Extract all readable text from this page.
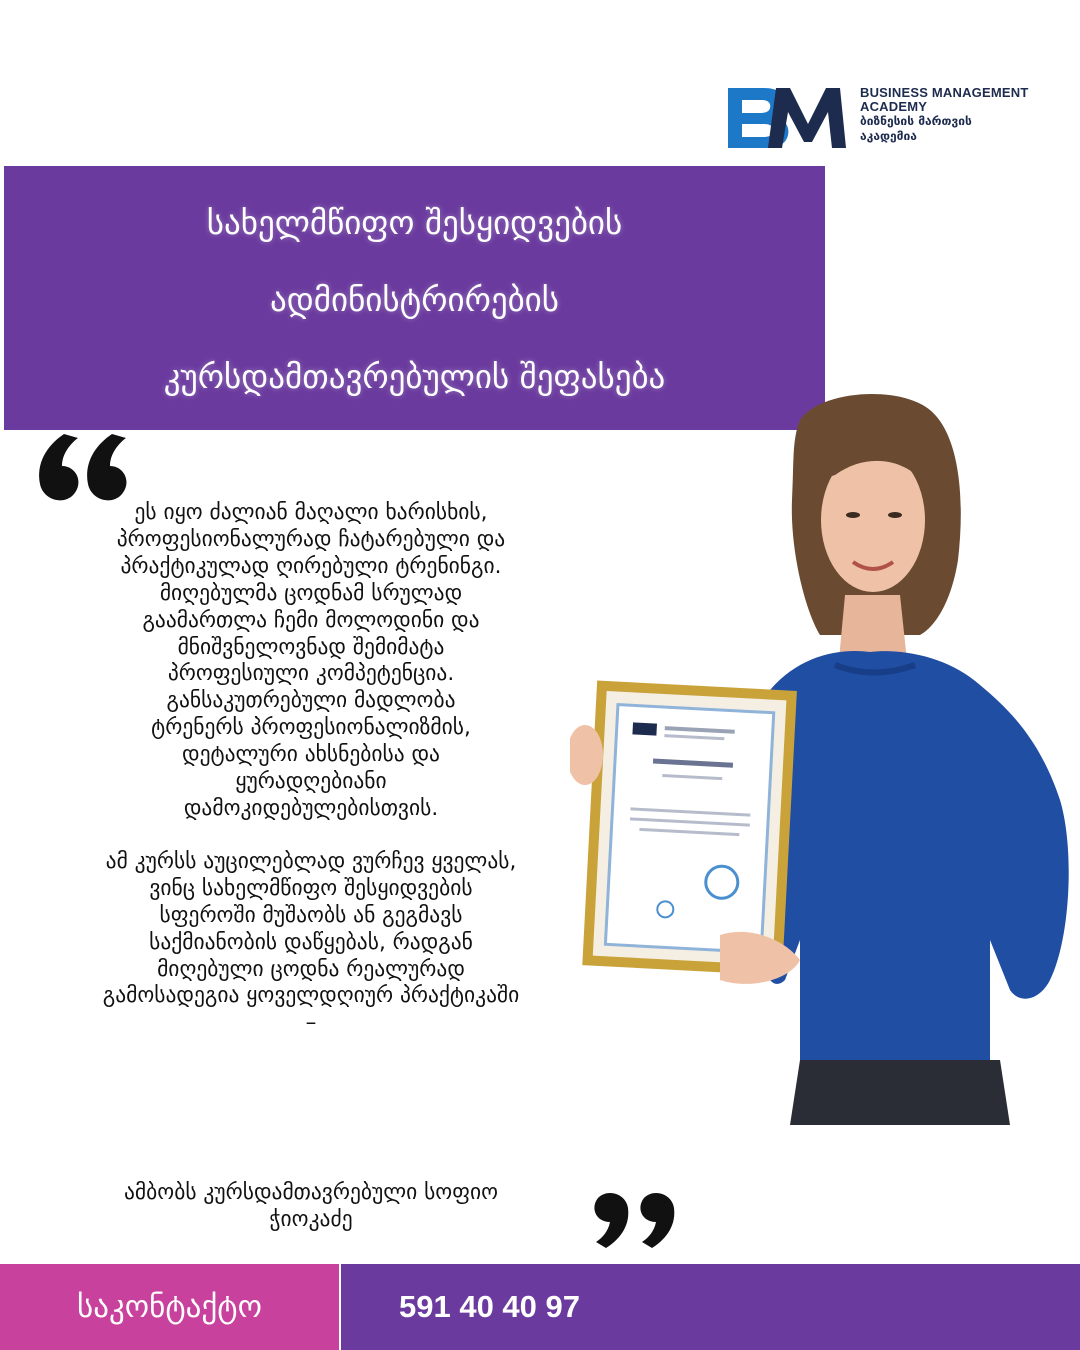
BUSINESS MANAGEMENT
ACADEMY
ბიზნესის მართვის
აკადემია
სახელმწიფო შესყიდვების
ადმინისტრირების
კურსდამთავრებულის შეფასება
ეს იყო ძალიან მაღალი ხარისხის,
პროფესიონალურად ჩატარებული და
პრაქტიკულად ღირებული ტრენინგი.
მიღებულმა ცოდნამ სრულად
გაამართლა ჩემი მოლოდინი და
მნიშვნელოვნად შემიმატა
პროფესიული კომპეტენცია.
განსაკუთრებული მადლობა
ტრენერს პროფესიონალიზმის,
დეტალური ახსნებისა და
ყურადღებიანი
დამოკიდებულებისთვის.
ამ კურსს აუცილებლად ვურჩევ ყველას,
ვინც სახელმწიფო შესყიდვების
სფეროში მუშაობს ან გეგმავს
საქმიანობის დაწყებას, რადგან
მიღებული ცოდნა რეალურად
გამოსადეგია ყოველდღიურ პრაქტიკაში
–
ამბობს კურსდამთავრებული სოფიო
ჭიოკაძე
საკონტაქტო	591 40 40 97
